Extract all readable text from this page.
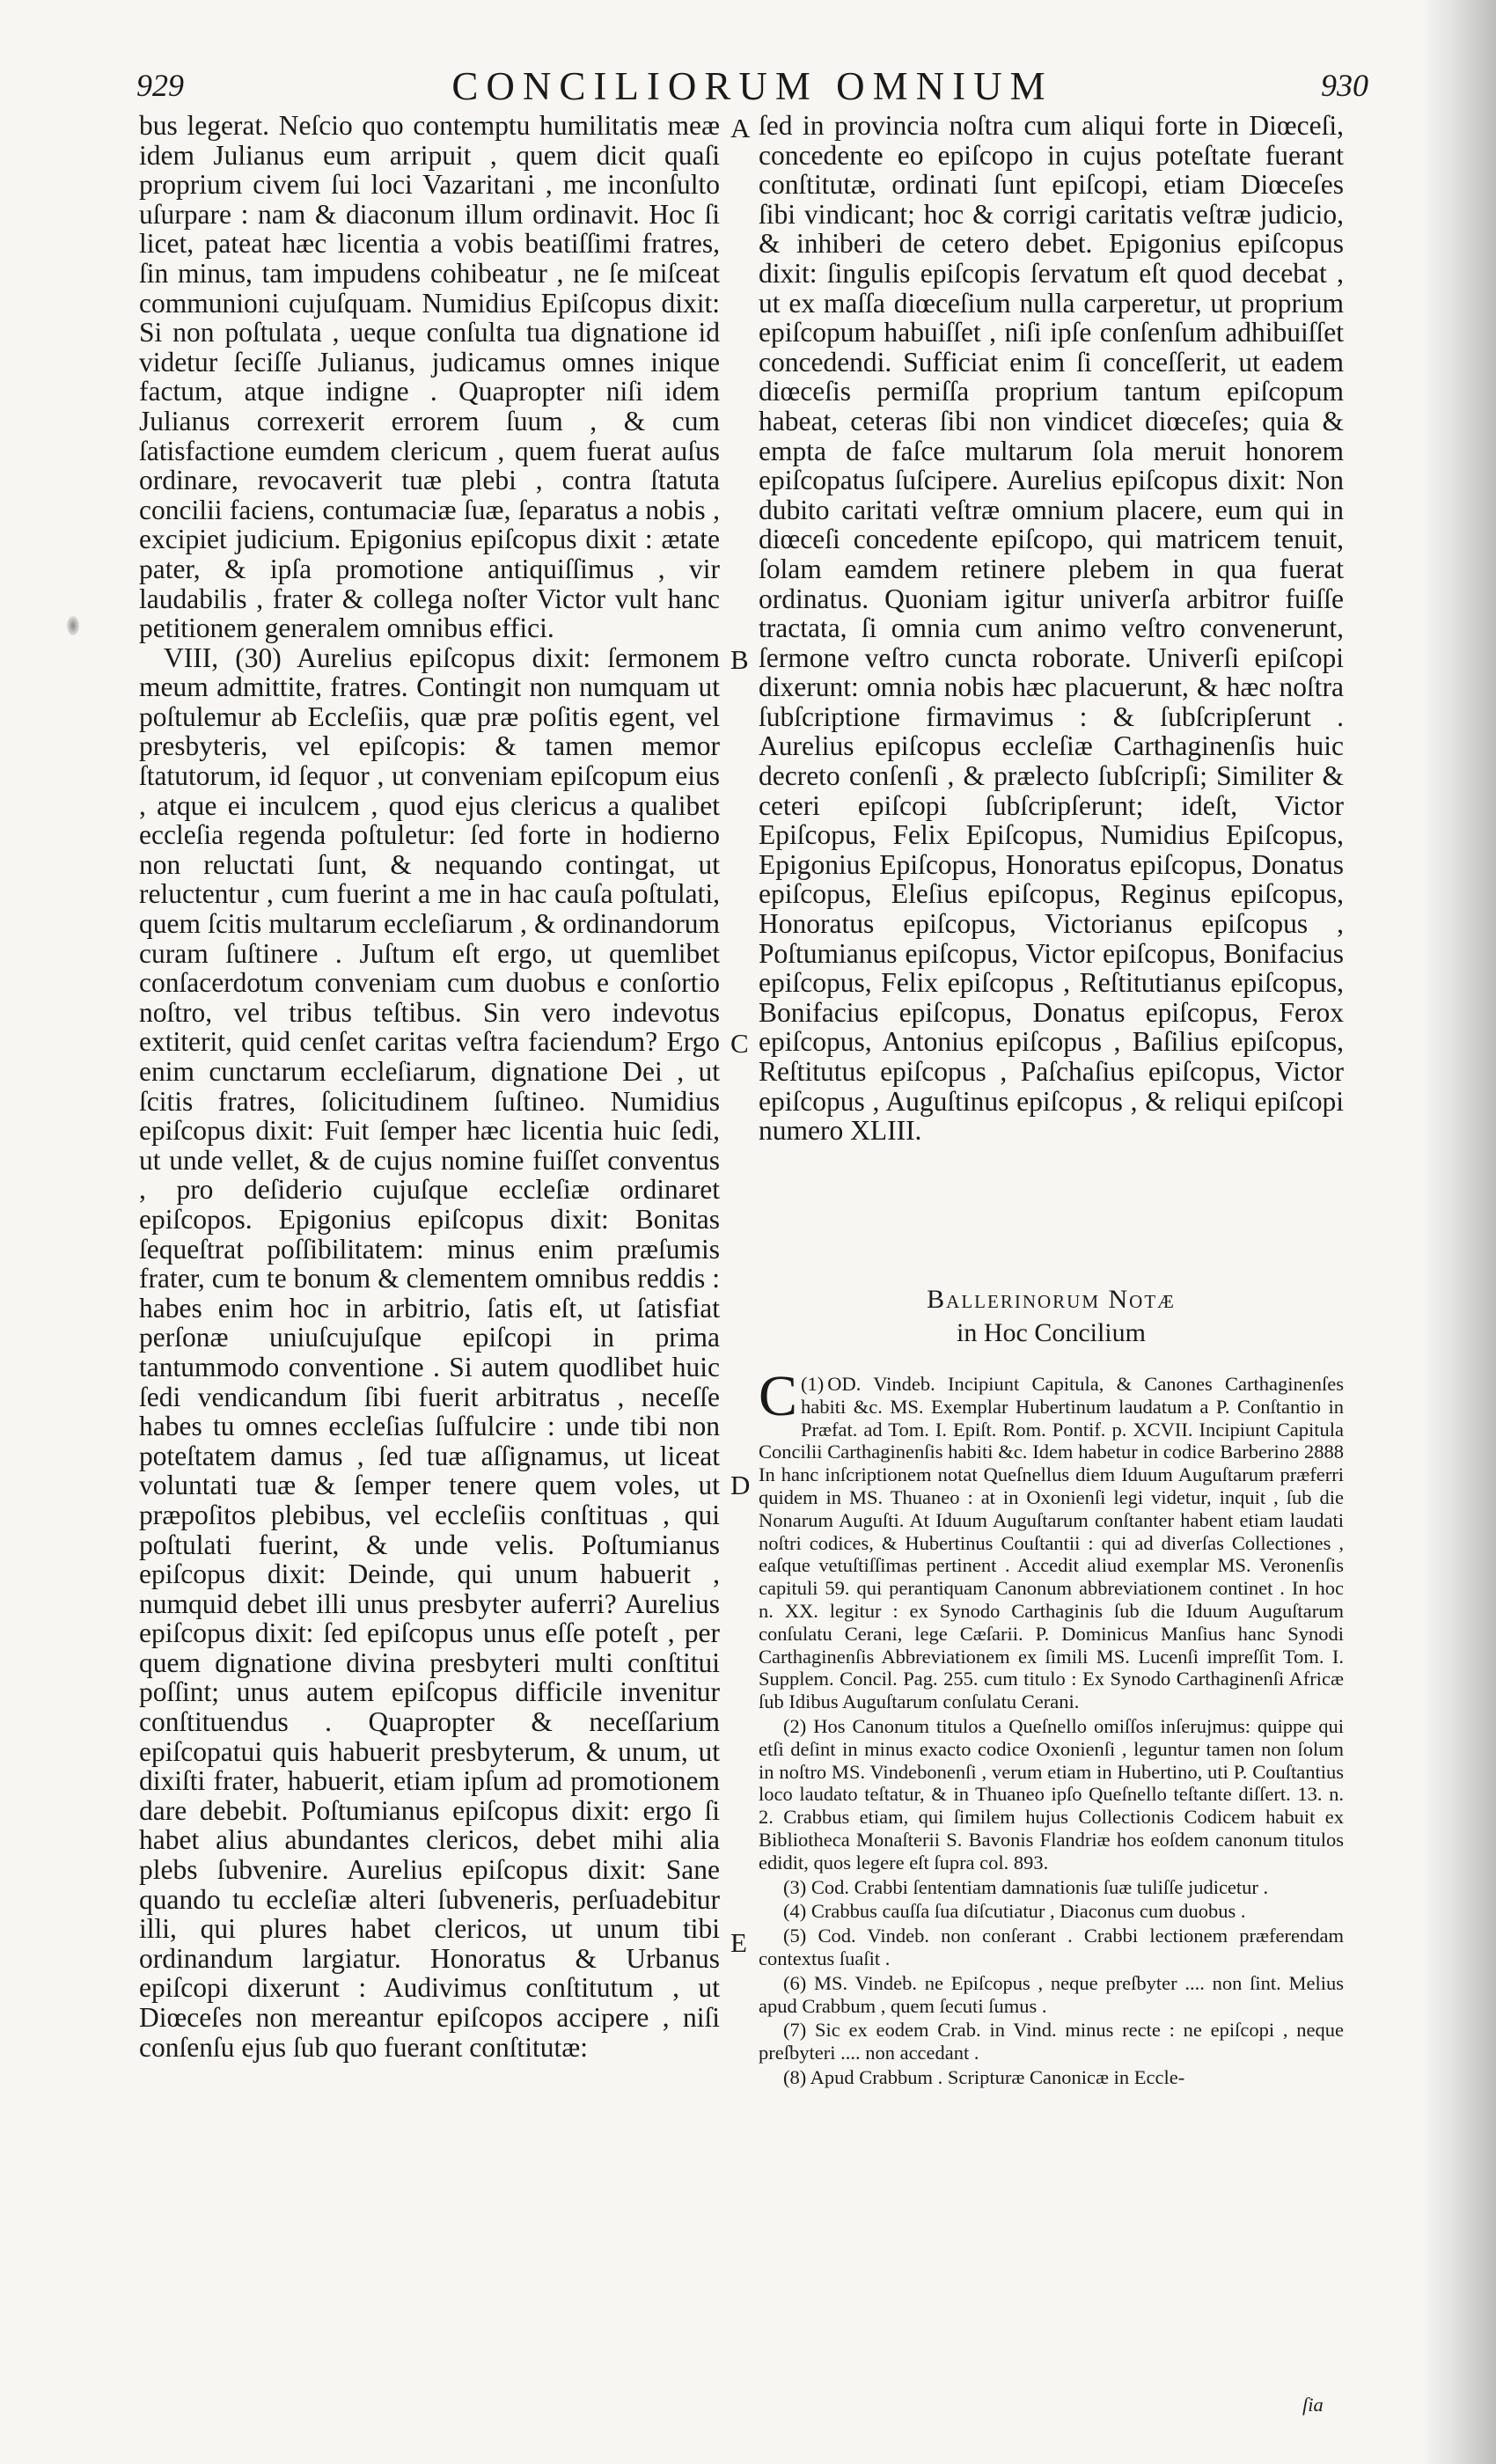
929	CONCILIORUM OMNIUM	930
A
B
C
D
E

bus legerat. Neſcio quo contemptu humilitatis meæ idem Julianus eum arripuit , quem dicit quaſi proprium civem ſui loci Vazaritani , me inconſulto uſurpare : nam & diaconum illum ordinavit. Hoc ſi licet, pateat hæc licentia a vobis beatiſſimi fratres, ſin minus, tam impudens cohibeatur , ne ſe miſceat communioni cujuſquam. Numidius Epiſcopus dixit: Si non poſtulata , ueque conſulta tua dignatione id videtur ſeciſſe Julianus, judicamus omnes inique factum, atque indigne . Quapropter niſi idem Julianus correxerit errorem ſuum , & cum ſatisfactione eumdem clericum , quem fuerat auſus ordinare, revocaverit tuæ plebi , contra ſtatuta concilii faciens, contumaciæ ſuæ, ſeparatus a nobis , excipiet judicium. Epigonius epiſcopus dixit : ætate pater, & ipſa promotione antiquiſſimus , vir laudabilis , frater & collega noſter Victor vult hanc petitionem generalem omnibus effici.

VIII, (30) Aurelius epiſcopus dixit: ſermonem meum admittite, fratres. Contingit non numquam ut poſtulemur ab Eccleſiis, quæ præ poſitis egent, vel presbyteris, vel epiſcopis: & tamen memor ſtatutorum, id ſequor , ut conveniam epiſcopum eius , atque ei inculcem , quod ejus clericus a qualibet eccleſia regenda poſtuletur: ſed forte in hodierno non reluctati ſunt, & nequando contingat, ut reluctentur , cum fuerint a me in hac cauſa poſtulati, quem ſcitis multarum eccleſiarum , & ordinandorum curam ſuſtinere . Juſtum eſt ergo, ut quemlibet conſacerdotum conveniam cum duobus e conſortio noſtro, vel tribus teſtibus. Sin vero indevotus extiterit, quid cenſet caritas veſtra faciendum? Ergo enim cunctarum eccleſiarum, dignatione Dei , ut ſcitis fratres, ſolicitudinem ſuſtineo. Numidius epiſcopus dixit: Fuit ſemper hæc licentia huic ſedi, ut unde vellet, & de cujus nomine fuiſſet conventus , pro deſiderio cujuſque eccleſiæ ordinaret epiſcopos. Epigonius epiſcopus dixit: Bonitas ſequeſtrat poſſibilitatem: minus enim præſumis frater, cum te bonum & clementem omnibus reddis : habes enim hoc in arbitrio, ſatis eſt, ut ſatisfiat perſonæ uniuſcujuſque epiſcopi in prima tantummodo conventione . Si autem quodlibet huic ſedi vendicandum ſibi fuerit arbitratus , neceſſe habes tu omnes eccleſias ſuſfulcire : unde tibi non poteſtatem damus , ſed tuæ aſſignamus, ut liceat voluntati tuæ & ſemper tenere quem voles, ut præpoſitos plebibus, vel eccleſiis conſtituas , qui poſtulati fuerint, & unde velis. Poſtumianus epiſcopus dixit: Deinde, qui unum habuerit , numquid debet illi unus presbyter auferri? Aurelius epiſcopus dixit: ſed epiſcopus unus eſſe poteſt , per quem dignatione divina presbyteri multi conſtitui poſſint; unus autem epiſcopus difficile invenitur conſtituendus . Quapropter & neceſſarium epiſcopatui quis habuerit presbyterum, & unum, ut dixiſti frater, habuerit, etiam ipſum ad promotionem dare debebit. Poſtumianus epiſcopus dixit: ergo ſi habet alius abundantes clericos, debet mihi alia plebs ſubvenire. Aurelius epiſcopus dixit: Sane quando tu eccleſiæ alteri ſubveneris, perſuadebitur illi, qui plures habet clericos, ut unum tibi ordinandum largiatur. Honoratus & Urbanus epiſcopi dixerunt : Audivimus conſtitutum , ut Diœceſes non mereantur epiſcopos accipere , niſi conſenſu ejus ſub quo fuerant conſtitutæ:

ſed in provincia noſtra cum aliqui forte in Diœceſi, concedente eo epiſcopo in cujus poteſtate fuerant conſtitutæ, ordinati ſunt epiſcopi, etiam Diœceſes ſibi vindicant; hoc & corrigi caritatis veſtræ judicio, & inhiberi de cetero debet. Epigonius epiſcopus dixit: ſingulis epiſcopis ſervatum eſt quod decebat , ut ex maſſa diœceſium nulla carperetur, ut proprium epiſcopum habuiſſet , niſi ipſe conſenſum adhibuiſſet concedendi. Sufficiat enim ſi conceſſerit, ut eadem diœceſis permiſſa proprium tantum epiſcopum habeat, ceteras ſibi non vindicet diœceſes; quia & empta de faſce multarum ſola meruit honorem epiſcopatus ſuſcipere. Aurelius epiſcopus dixit: Non dubito caritati veſtræ omnium placere, eum qui in diœceſi concedente epiſcopo, qui matricem tenuit, ſolam eamdem retinere plebem in qua fuerat ordinatus. Quoniam igitur univerſa arbitror fuiſſe tractata, ſi omnia cum animo veſtro convenerunt, ſermone veſtro cuncta roborate. Univerſi epiſcopi dixerunt: omnia nobis hæc placuerunt, & hæc noſtra ſubſcriptione firmavimus : & ſubſcripſerunt . Aurelius epiſcopus eccleſiæ Carthaginenſis huic decreto conſenſi , & prælecto ſubſcripſi; Similiter & ceteri epiſcopi ſubſcripſerunt; ideſt, Victor Epiſcopus, Felix Epiſcopus, Numidius Epiſcopus, Epigonius Epiſcopus, Honoratus epiſcopus, Donatus epiſcopus, Eleſius epiſcopus, Reginus epiſcopus, Honoratus epiſcopus, Victorianus epiſcopus , Poſtumianus epiſcopus, Victor epiſcopus, Bonifacius epiſcopus, Felix epiſcopus , Reſtitutianus epiſcopus, Bonifacius epiſcopus, Donatus epiſcopus, Ferox epiſcopus, Antonius epiſcopus , Baſilius epiſcopus, Reſtitutus epiſcopus , Paſchaſius epiſcopus, Victor epiſcopus , Auguſtinus epiſcopus , & reliqui epiſcopi numero XLIII.

Ballerinorum Notæ
in Hoc Concilium

(1)
C OD. Vindeb. Incipiunt Capitula, & Canones Carthaginenſes habiti &c. MS. Exemplar Hubertinum laudatum a P. Conſtantio in Præfat. ad Tom. I. Epiſt. Rom. Pontif. p. XCVII. Incipiunt Capitula Concilii Carthaginenſis habiti &c. Idem habetur in codice Barberino 2888 In hanc inſcriptionem notat Queſnellus diem Iduum Auguſtarum præferri quidem in MS. Thuaneo : at in Oxonienſi legi videtur, inquit , ſub die Nonarum Auguſti. At Iduum Auguſtarum conſtanter habent etiam laudati noſtri codices, & Hubertinus Couſtantii : qui ad diverſas Collectiones , eaſque vetuſtiſſimas pertinent . Accedit aliud exemplar MS. Veronenſis capituli 59. qui perantiquam Canonum abbreviationem continet . In hoc n. XX. legitur : ex Synodo Carthaginis ſub die Iduum Auguſtarum conſulatu Cerani, lege Cæſarii. P. Dominicus Manſius hanc Synodi Carthaginenſis Abbreviationem ex ſimili MS. Lucenſi impreſſit Tom. I. Supplem. Concil. Pag. 255. cum titulo : Ex Synodo Carthaginenſi Africæ ſub Idibus Auguſtarum conſulatu Cerani.

(2) Hos Canonum titulos a Queſnello omiſſos inſerujmus: quippe qui etſi deſint in minus exacto codice Oxonienſi , leguntur tamen non ſolum in noſtro MS. Vindebonenſi , verum etiam in Hubertino, uti P. Couſtantius loco laudato teſtatur, & in Thuaneo ipſo Queſnello teſtante diſſert. 13. n. 2. Crabbus etiam, qui ſimilem hujus Collectionis Codicem habuit ex Bibliotheca Monaſterii S. Bavonis Flandriæ hos eoſdem canonum titulos edidit, quos legere eſt ſupra col. 893.

(3) Cod. Crabbi ſententiam damnationis ſuæ tuliſſe judicetur .

(4) Crabbus cauſſa ſua diſcutiatur , Diaconus cum duobus .

(5) Cod. Vindeb. non conſerant . Crabbi lectionem præferendam contextus ſuaſit .

(6) MS. Vindeb. ne Epiſcopus , neque preſbyter .... non ſint. Melius apud Crabbum , quem ſecuti ſumus .

(7) Sic ex eodem Crab. in Vind. minus recte : ne epiſcopi , neque preſbyteri .... non accedant .

(8) Apud Crabbum . Scripturæ Canonicæ in Eccle-

ſia
